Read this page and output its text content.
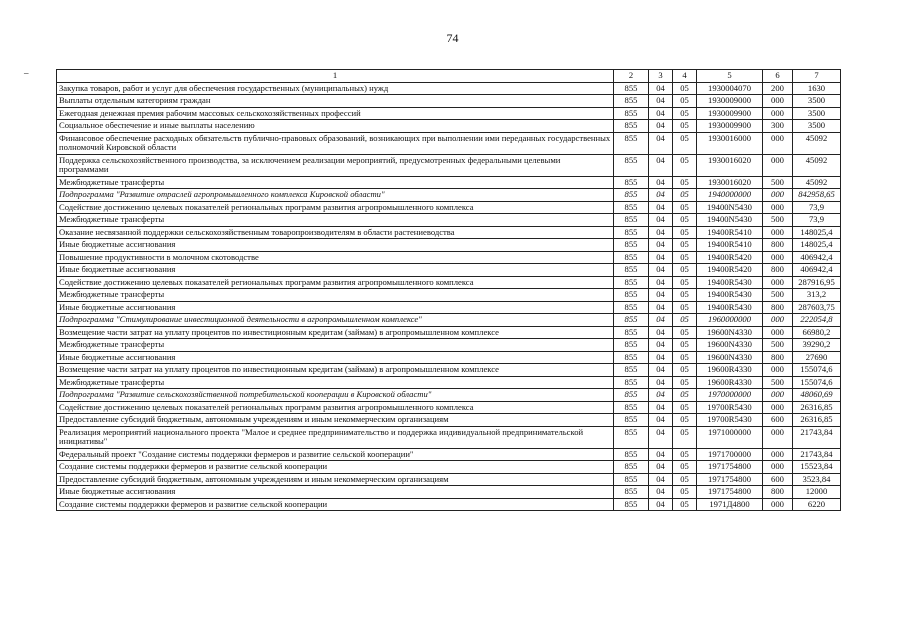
74
–	1	2	3	4	5	6	7
Закупка товаров, работ и услуг для обеспечения государственных (муниципальных) нужд	855	04	05	1930004070	200	1630
Выплаты отдельным категориям граждан	855	04	05	1930009000	000	3500
Ежегодная денежная премия рабочим массовых сельскохозяйственных профессий	855	04	05	1930009900	000	3500
Социальное обеспечение и иные выплаты населению	855	04	05	1930009900	300	3500
Финансовое обеспечение расходных обязательств публично-правовых образований, возникающих при выполнении ими переданных государственных полномочий Кировской области	855	04	05	1930016000	000	45092
Поддержка сельскохозяйственного производства, за исключением реализации мероприятий, предусмотренных федеральными целевыми программами	855	04	05	1930016020	000	45092
Межбюджетные трансферты	855	04	05	1930016020	500	45092
Подпрограмма "Развитие отраслей агропромышленного комплекса Кировской области"	855	04	05	1940000000	000	842958,65
Содействие достижению целевых показателей региональных программ развития агропромышленного комплекса	855	04	05	19400N5430	000	73,9
Межбюджетные трансферты	855	04	05	19400N5430	500	73,9
Оказание несвязанной поддержки сельскохозяйственным товаропроизводителям в области растениеводства	855	04	05	19400R5410	000	148025,4
Иные бюджетные ассигнования	855	04	05	19400R5410	800	148025,4
Повышение продуктивности в молочном скотоводстве	855	04	05	19400R5420	000	406942,4
Иные бюджетные ассигнования	855	04	05	19400R5420	800	406942,4
Содействие достижению целевых показателей региональных программ развития агропромышленного комплекса	855	04	05	19400R5430	000	287916,95
Межбюджетные трансферты	855	04	05	19400R5430	500	313,2
Иные бюджетные ассигнования	855	04	05	19400R5430	800	287603,75
Подпрограмма "Стимулирование инвестиционной деятельности в агропромышленном комплексе"	855	04	05	1960000000	000	222054,8
Возмещение части затрат на уплату процентов по инвестиционным кредитам (займам) в агропромышленном комплексе	855	04	05	19600N4330	000	66980,2
Межбюджетные трансферты	855	04	05	19600N4330	500	39290,2
Иные бюджетные ассигнования	855	04	05	19600N4330	800	27690
Возмещение части затрат на уплату процентов по инвестиционным кредитам (займам) в агропромышленном комплексе	855	04	05	19600R4330	000	155074,6
Межбюджетные трансферты	855	04	05	19600R4330	500	155074,6
Подпрограмма "Развитие сельскохозяйственной потребительской кооперации в Кировской области"	855	04	05	1970000000	000	48060,69
Содействие достижению целевых показателей региональных программ развития агропромышленного комплекса	855	04	05	19700R5430	000	26316,85
Предоставление субсидий бюджетным, автономным учреждениям и иным некоммерческим организациям	855	04	05	19700R5430	600	26316,85
Реализация мероприятий национального проекта "Малое и среднее предпринимательство и поддержка индивидуальной предпринимательской инициативы"	855	04	05	1971000000	000	21743,84
Федеральный проект "Создание системы поддержки фермеров и развитие сельской кооперации"	855	04	05	1971700000	000	21743,84
Создание системы поддержки фермеров и развитие сельской кооперации	855	04	05	1971754800	000	15523,84
Предоставление субсидий бюджетным, автономным учреждениям и иным некоммерческим организациям	855	04	05	1971754800	600	3523,84
Иные бюджетные ассигнования	855	04	05	1971754800	800	12000
Создание системы поддержки фермеров и развитие сельской кооперации	855	04	05	1971Д4800	000	6220
